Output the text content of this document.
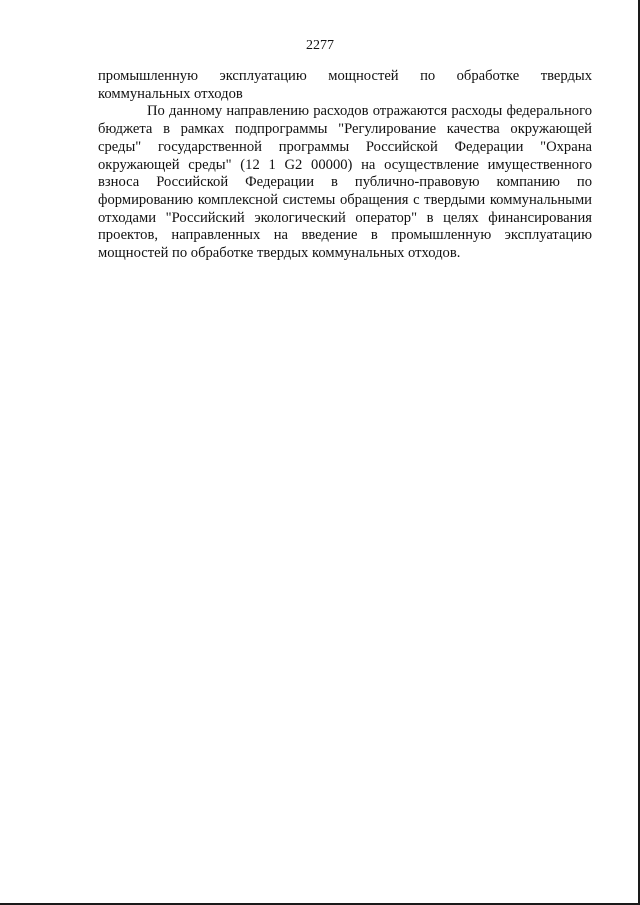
2277

промышленную эксплуатацию мощностей по обработке твердых коммунальных отходов

По данному направлению расходов отражаются расходы федерального бюджета в рамках подпрограммы "Регулирование качества окружающей среды" государственной программы Российской Федерации "Охрана окружающей среды" (12 1 G2 00000) на осуществление имущественного взноса Российской Федерации в публично-правовую компанию по формированию комплексной системы обращения с твердыми коммунальными отходами "Российский экологический оператор" в целях финансирования проектов, направленных на введение в промышленную эксплуатацию мощностей по обработке твердых коммунальных отходов.
